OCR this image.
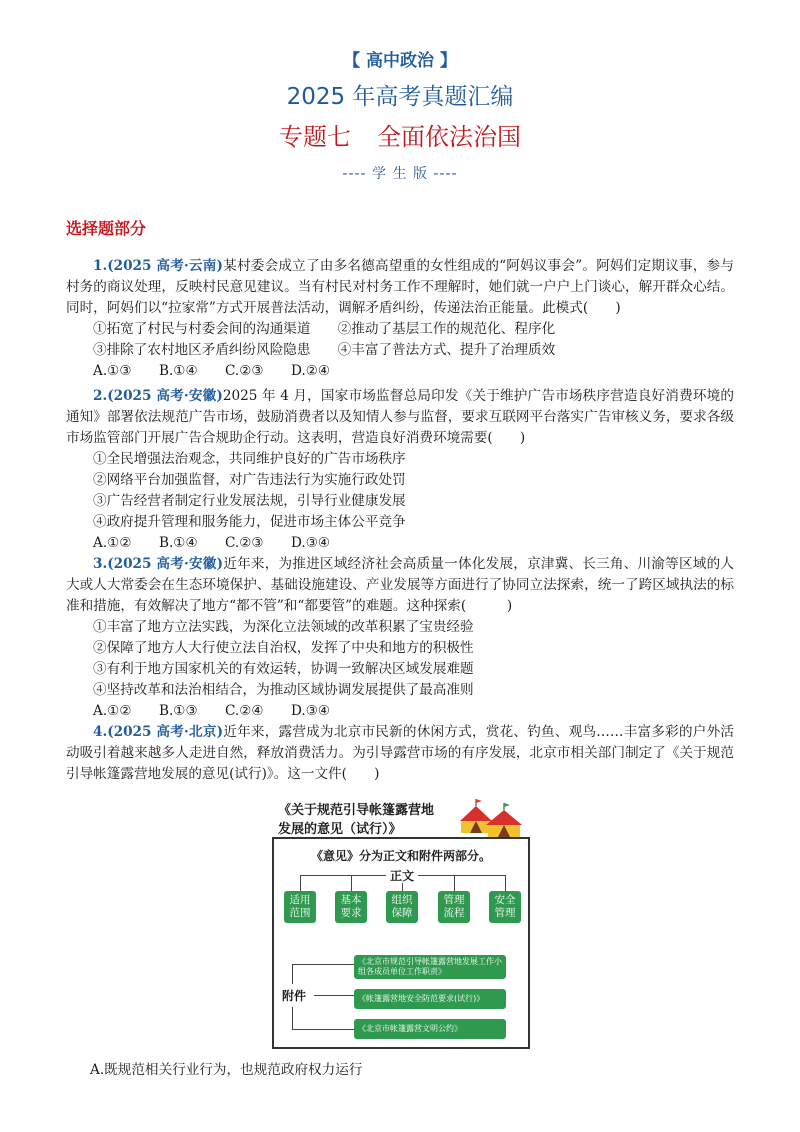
【 高中政治 】
2025 年高考真题汇编
专题七 全面依法治国
---- 学 生 版 ----
选择题部分
1.(2025 高考·云南)某村委会成立了由多名德高望重的女性组成的“阿妈议事会”。阿妈们定期议事，参与村务的商议处理，反映村民意见建议。当有村民对村务工作不理解时，她们就一户户上门谈心，解开群众心结。同时，阿妈们以“拉家常”方式开展普法活动，调解矛盾纠纷，传递法治正能量。此模式(　　)
①拓宽了村民与村委会间的沟通渠道　　②推动了基层工作的规范化、程序化
③排除了农村地区矛盾纠纷风险隐患　　④丰富了普法方式、提升了治理质效
A.①③ B.①④ C.②③ D.②④
2.(2025 高考·安徽)2025 年 4 月，国家市场监督总局印发《关于维护广告市场秩序营造良好消费环境的通知》部署依法规范广告市场，鼓励消费者以及知情人参与监督，要求互联网平台落实广告审核义务，要求各级市场监管部门开展广告合规助企行动。这表明，营造良好消费环境需要(　　)
①全民增强法治观念，共同维护良好的广告市场秩序
②网络平台加强监督，对广告违法行为实施行政处罚
③广告经营者制定行业发展法规，引导行业健康发展
④政府提升管理和服务能力，促进市场主体公平竞争
A.①② B.①④ C.②③ D.③④
3.(2025 高考·安徽)近年来，为推进区域经济社会高质量一体化发展，京津冀、长三角、川渝等区域的人大或人大常委会在生态环境保护、基础设施建设、产业发展等方面进行了协同立法探索，统一了跨区域执法的标准和措施，有效解决了地方“都不管”和“都要管”的难题。这种探索(　　　)
①丰富了地方立法实践，为深化立法领域的改革积累了宝贵经验
②保障了地方人大行使立法自治权，发挥了中央和地方的积极性
③有利于地方国家机关的有效运转，协调一致解决区域发展难题
④坚持改革和法治相结合，为推动区域协调发展提供了最高准则
A.①② B.①③ C.②④ D.③④
4.(2025 高考·北京)近年来，露营成为北京市民新的休闲方式，赏花、钓鱼、观鸟……丰富多彩的户外活动吸引着越来越多人走进自然，释放消费活力。为引导露营市场的有序发展，北京市相关部门制定了《关于规范引导帐篷露营地发展的意见(试行)》。这一文件(　　)
《关于规范引导帐篷露营地
发展的意见（试行）》
《意见》分为正文和附件两部分。
正文
适用
范围
基本
要求
组织
保障
管理
流程
安全
管理
附件
《北京市规范引导帐篷露营地发展工作小组各成员单位工作职责》
《帐篷露营地安全防范要求(试行)》
《北京市帐篷露营文明公约》
A.既规范相关行业行为，也规范政府权力运行
